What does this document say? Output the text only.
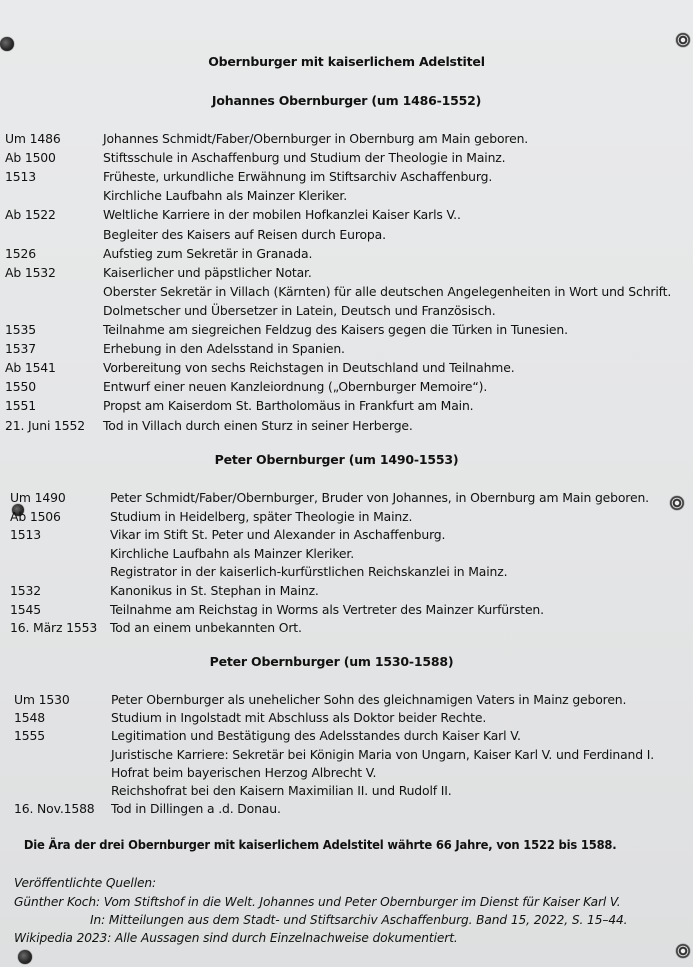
Obernburger mit kaiserlichem Adelstitel
Johannes Obernburger (um 1486-1552)
Um 1486	Johannes Schmidt/Faber/Obernburger in Obernburg am Main geboren.
Ab 1500	Stiftsschule in Aschaffenburg und Studium der Theologie in Mainz.
1513	Früheste, urkundliche Erwähnung im Stiftsarchiv Aschaffenburg.
Kirchliche Laufbahn als Mainzer Kleriker.
Ab 1522	Weltliche Karriere in der mobilen Hofkanzlei Kaiser Karls V..
Begleiter des Kaisers auf Reisen durch Europa.
1526	Aufstieg zum Sekretär in Granada.
Ab 1532	Kaiserlicher und päpstlicher Notar.
Oberster Sekretär in Villach (Kärnten) für alle deutschen Angelegenheiten in Wort und Schrift.
Dolmetscher und Übersetzer in Latein, Deutsch und Französisch.
1535	Teilnahme am siegreichen Feldzug des Kaisers gegen die Türken in Tunesien.
1537	Erhebung in den Adelsstand in Spanien.
Ab 1541	Vorbereitung von sechs Reichstagen in Deutschland und Teilnahme.
1550	Entwurf einer neuen Kanzleiordnung („Obernburger Memoire“).
1551	Propst am Kaiserdom St. Bartholomäus in Frankfurt am Main.
21. Juni 1552 Tod in Villach durch einen Sturz in seiner Herberge.
Peter Obernburger (um 1490-1553)
Um 1490	Peter Schmidt/Faber/Obernburger, Bruder von Johannes, in Obernburg am Main geboren.
Ab 1506	Studium in Heidelberg, später Theologie in Mainz.
1513	Vikar im Stift St. Peter und Alexander in Aschaffenburg.
Kirchliche Laufbahn als Mainzer Kleriker.
Registrator in der kaiserlich-kurfürstlichen Reichskanzlei in Mainz.
1532	Kanonikus in St. Stephan in Mainz.
1545	Teilnahme am Reichstag in Worms als Vertreter des Mainzer Kurfürsten.
16. März 1553 Tod an einem unbekannten Ort.
Peter Obernburger (um 1530-1588)
Um 1530	Peter Obernburger als unehelicher Sohn des gleichnamigen Vaters in Mainz geboren.
1548	Studium in Ingolstadt mit Abschluss als Doktor beider Rechte.
1555	Legitimation und Bestätigung des Adelsstandes durch Kaiser Karl V.
Juristische Karriere: Sekretär bei Königin Maria von Ungarn, Kaiser Karl V. und Ferdinand I.
Hofrat beim bayerischen Herzog Albrecht V.
Reichshofrat bei den Kaisern Maximilian II. und Rudolf II.
16. Nov.1588 Tod in Dillingen a .d. Donau.
Die Ära der drei Obernburger mit kaiserlichem Adelstitel währte 66 Jahre, von 1522 bis 1588.
Veröffentlichte Quellen:
Günther Koch: Vom Stiftshof in die Welt. Johannes und Peter Obernburger im Dienst für Kaiser Karl V.
In: Mitteilungen aus dem Stadt- und Stiftsarchiv Aschaffenburg. Band 15, 2022, S. 15–44.
Wikipedia 2023: Alle Aussagen sind durch Einzelnachweise dokumentiert.
